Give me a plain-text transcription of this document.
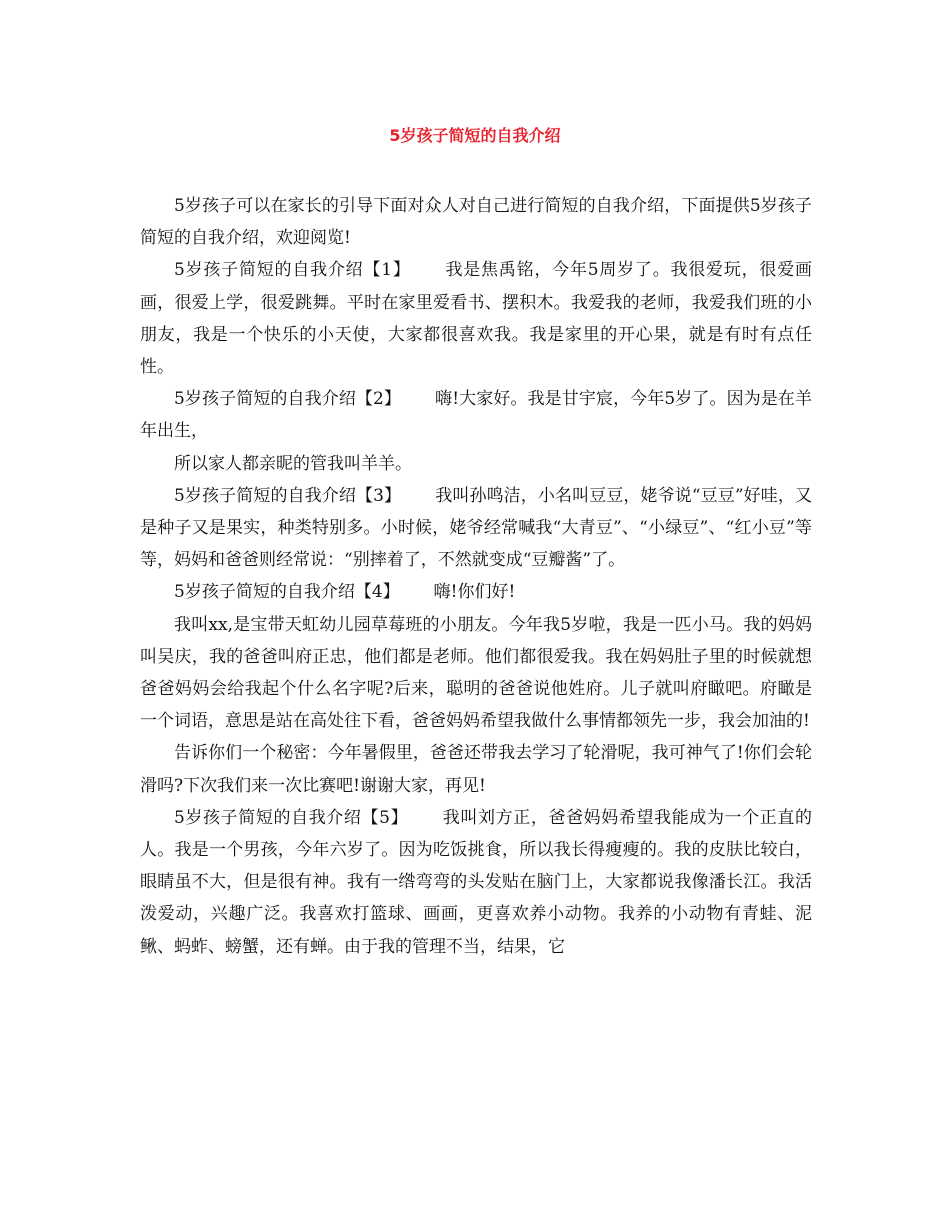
5岁孩子简短的自我介绍

5岁孩子可以在家长的引导下面对众人对自己进行简短的自我介绍，下面提供5岁孩子简短的自我介绍，欢迎阅览!

5岁孩子简短的自我介绍【1】 我是焦禹铭，今年5周岁了。我很爱玩，很爱画画，很爱上学，很爱跳舞。平时在家里爱看书、摆积木。我爱我的老师，我爱我们班的小朋友，我是一个快乐的小天使，大家都很喜欢我。我是家里的开心果，就是有时有点任性。

5岁孩子简短的自我介绍【2】 嗨!大家好。我是甘宇宸，今年5岁了。因为是在羊年出生，

所以家人都亲昵的管我叫羊羊。

5岁孩子简短的自我介绍【3】 我叫孙鸣洁，小名叫豆豆，姥爷说“豆豆”好哇，又是种子又是果实，种类特别多。小时候，姥爷经常喊我“大青豆”、“小绿豆”、“红小豆”等等，妈妈和爸爸则经常说：“别摔着了，不然就变成“豆瓣酱”了。

5岁孩子简短的自我介绍【4】 嗨!你们好!

我叫xx,是宝带天虹幼儿园草莓班的小朋友。今年我5岁啦，我是一匹小马。我的妈妈叫吴庆，我的爸爸叫府正忠，他们都是老师。他们都很爱我。我在妈妈肚子里的时候就想爸爸妈妈会给我起个什么名字呢?后来，聪明的爸爸说他姓府。儿子就叫府瞰吧。府瞰是一个词语，意思是站在高处往下看，爸爸妈妈希望我做什么事情都领先一步，我会加油的!

告诉你们一个秘密：今年暑假里，爸爸还带我去学习了轮滑呢，我可神气了!你们会轮滑吗?下次我们来一次比赛吧!谢谢大家，再见!

5岁孩子简短的自我介绍【5】 我叫刘方正，爸爸妈妈希望我能成为一个正直的人。我是一个男孩，今年六岁了。因为吃饭挑食，所以我长得瘦瘦的。我的皮肤比较白，眼睛虽不大，但是很有神。我有一绺弯弯的头发贴在脑门上，大家都说我像潘长江。我活泼爱动，兴趣广泛。我喜欢打篮球、画画，更喜欢养小动物。我养的小动物有青蛙、泥鳅、蚂蚱、螃蟹，还有蝉。由于我的管理不当，结果，它
